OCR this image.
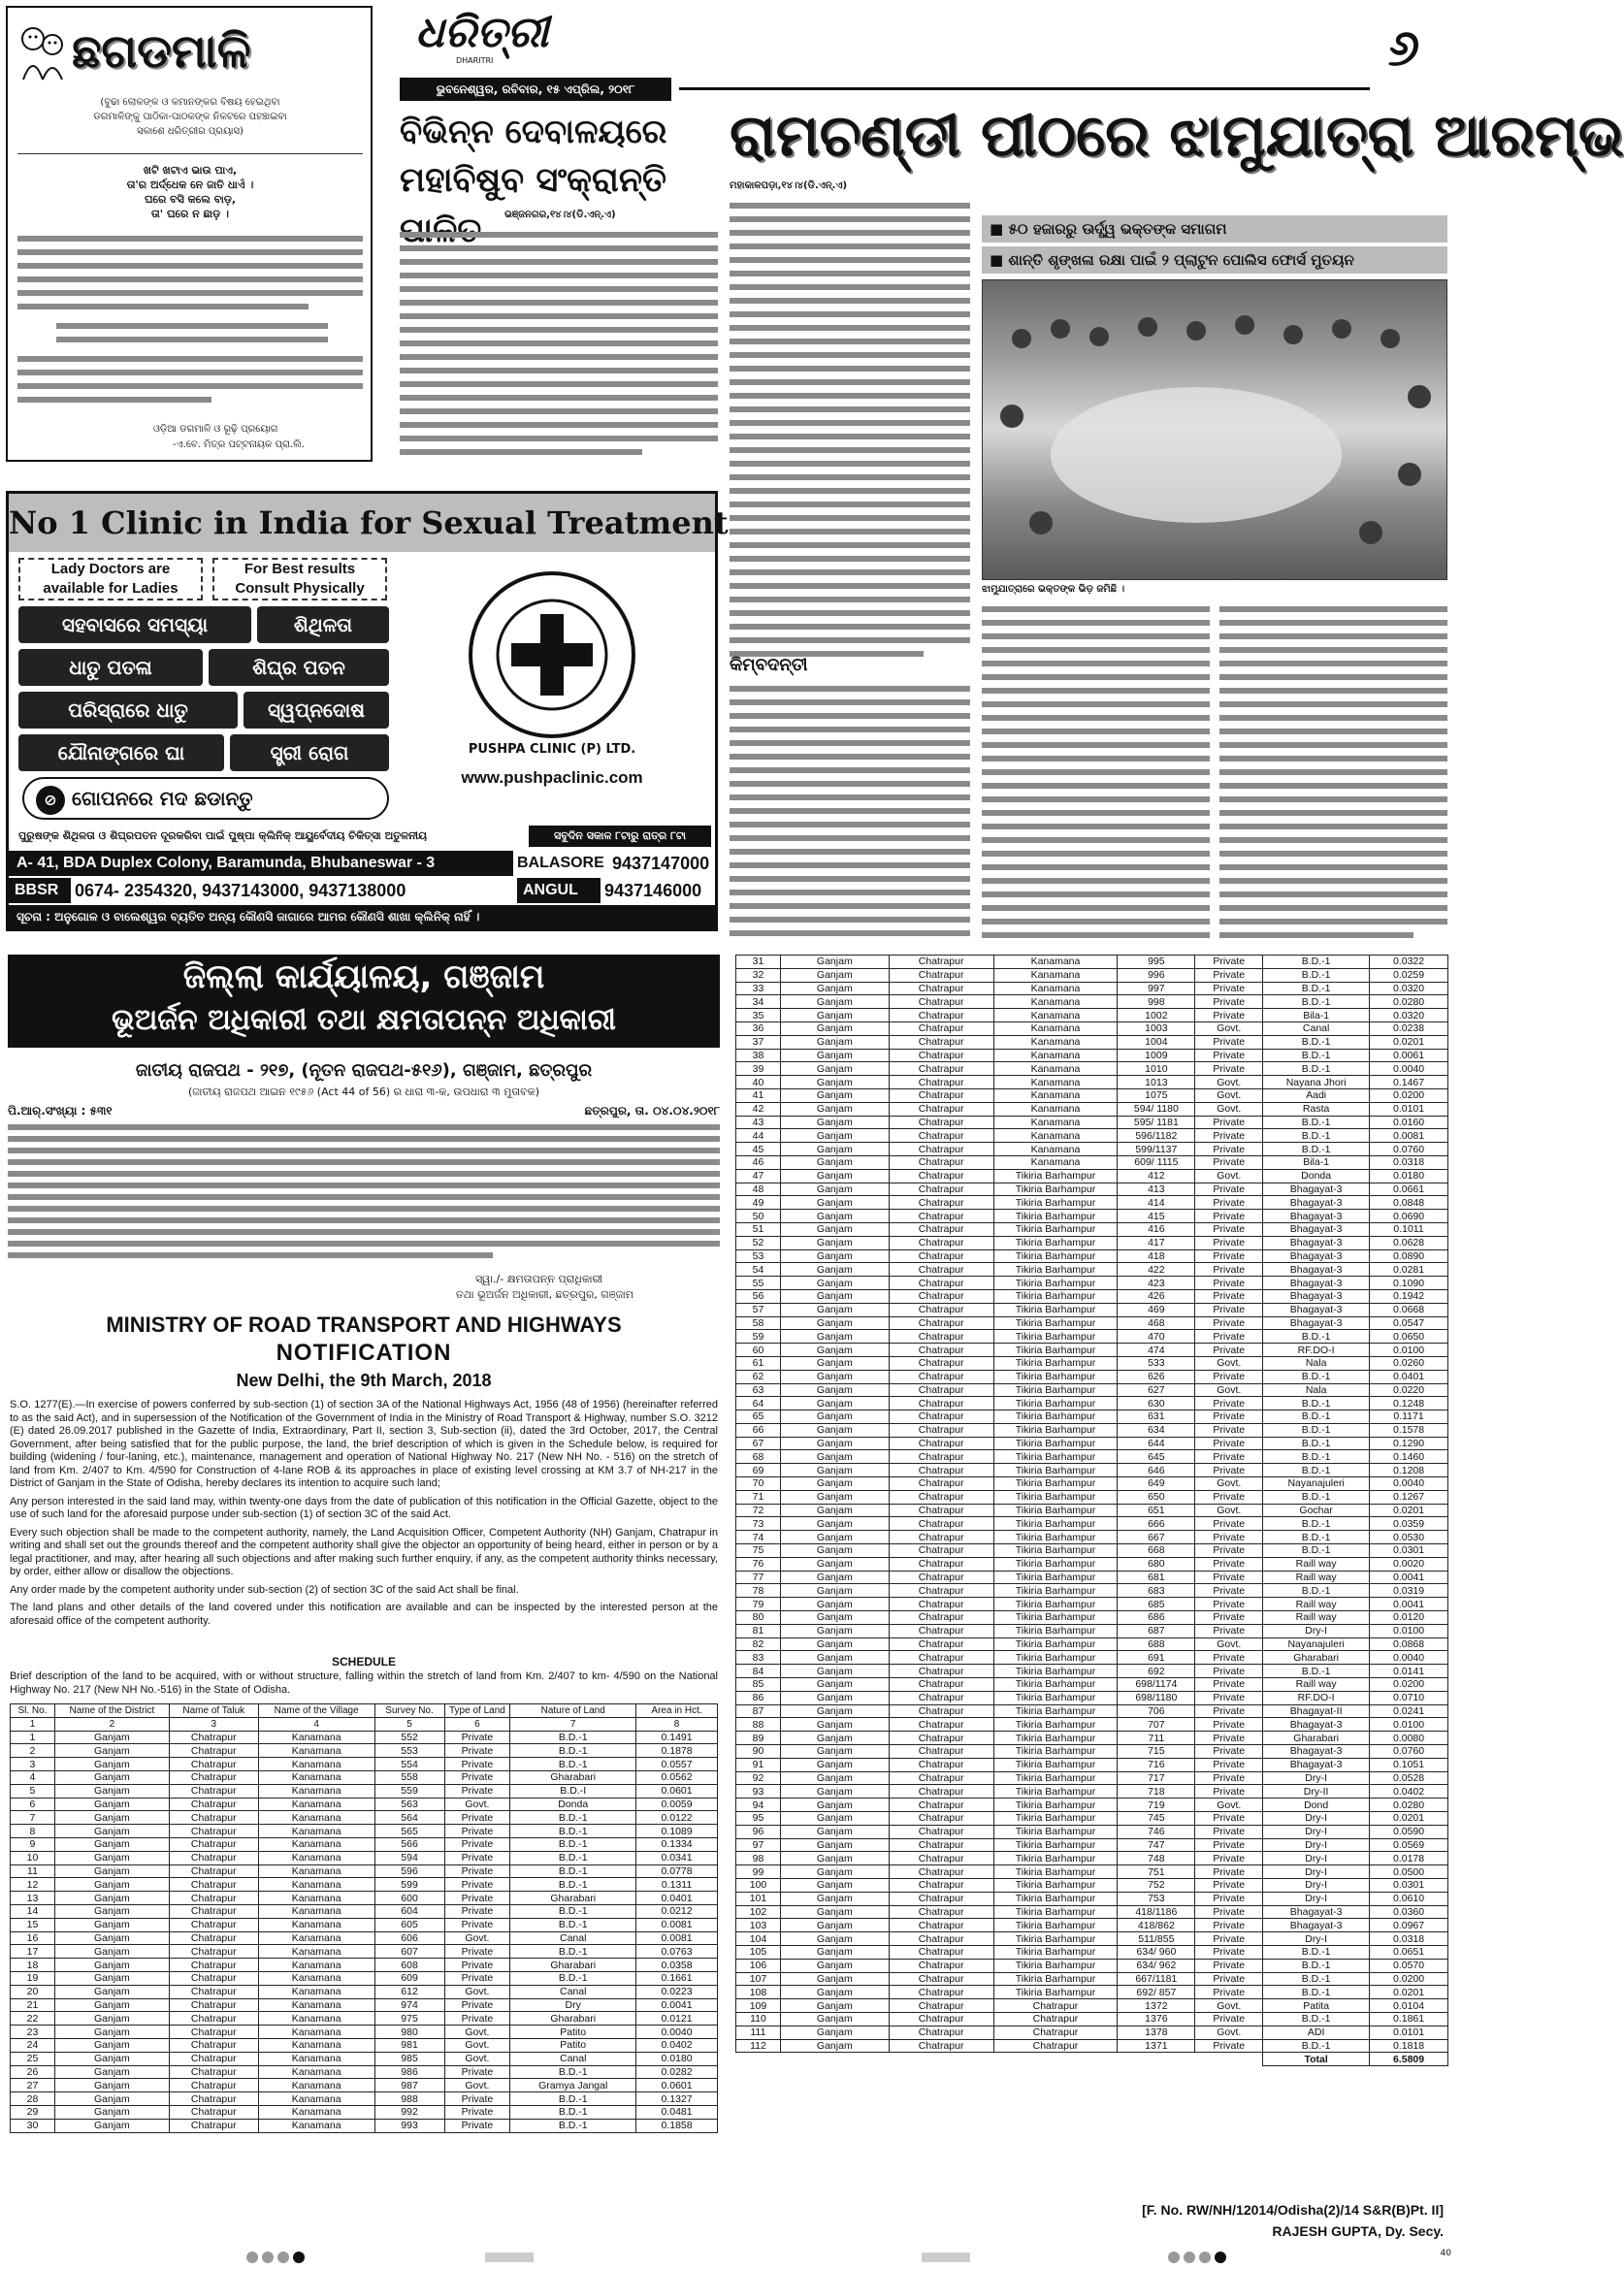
ଛଗଡମାଳି
(ବୁଢା ଲୋକଙ୍କ ଓ କମାନଙ୍କର ବିଷୟ ହେଇଥିବା
ଡଗମାଳିଙ୍କୁ ପାଠିକା-ପାଠକଙ୍କ ନିକଟରେ ପହଞ୍ଚାଇବା
ସକାଶେ ଧରିତ୍ରୀର ପ୍ରୟାସ)
ଖଟି ଖଟାଏ ଭାଉ ପାଏ,
ତା'ର ଅର୍ଦ୍ଧେକ ନେ ଜାତି ଧାଏଁ ।
ଘରେ ବସି କଲେ ବାଡ଼,
ତା' ଘରେ ନ ଛାଡ଼ ।
ଓଡ଼ିଆ ଡଗମାଳି ଓ ରୂଢ଼ି ପ୍ରୟୋଗ
-ଏ.ବେ. ମିତ୍ର ପଟ୍ଟନାୟକ ପ୍ରା.ଲି.
ଧରିତ୍ରୀ
DHARITRI
ଭୁବନେଶ୍ୱର, ରବିବାର, ୧୫ ଏପ୍ରିଲ, ୨୦୧୮
୬
ବିଭିନ୍ନ ଦେବାଳୟରେ
ମହାବିଷୁବ ସଂକ୍ରାନ୍ତି ପାଳିତ	ଭଞ୍ଜନଗର,୧୪।୪(ଡି.ଏନ୍.ଏ)
ରାମଚଣ୍ଡୀ ପୀଠରେ ଝାମୁଯାତ୍ରା ଆରମ୍ଭ
ମହାକାଳପଡ଼ା,୧୪।୪(ଡି.ଏନ୍.ଏ)
■ ୫୦ ହଜାରରୁ ଊର୍ଦ୍ଧ୍ୱ ଭକ୍ତଙ୍କ ସମାଗମ
■ ଶାନ୍ତି ଶୃଙ୍ଖଳା ରକ୍ଷା ପାଇଁ ୨ ପ୍ଲାଟୁନ ପୋଲିସ ଫୋର୍ସ ମୁତୟନ
ଝାମୁଯାତ୍ରାରେ ଭକ୍ତଙ୍କ ଭିଡ଼ ଜମିଛି ।
କିମ୍ବଦନ୍ତୀ
No 1 Clinic in India for Sexual Treatment
Lady Doctors are
available for Ladies
For Best results
Consult Physically
ସହବାସରେ ସମସ୍ୟା	ଶିଥିଳତା
ଧାତୁ ପତଳା	ଶିଘ୍ର ପତନ
ପରିସ୍ରାରେ ଧାତୁ	ସ୍ୱପ୍ନଦୋଷ
ଯୌନାଙ୍ଗରେ ଘା	ସ୍ତ୍ରୀ ରୋଗ
⊘ ଗୋପନରେ ମଦ ଛଡାନ୍ତୁ
PUSHPA CLINIC (P) LTD.
www.pushpaclinic.com
ପୁରୁଷଙ୍କ ଶିଥିଳତା ଓ ଶିଘ୍ରପତନ ଦୂରକରିବା ପାଇଁ ପୁଷ୍ପା କ୍ଲିନିକ୍ ଆୟୁର୍ବେଦୀୟ ଚିକିତ୍ସା ଅତୁଳନୀୟ	ସବୁଦିନ ସକାଳ ୮ଟାରୁ ରାତ୍ର ୮ଟା
A- 41, BDA Duplex Colony, Baramunda, Bhubaneswar - 3	BALASORE 9437147000
BBSR 0674- 2354320, 9437143000, 9437138000	ANGUL	9437146000
ସୂଚନା : ଅନୁଗୋଳ ଓ ବାଲେଶ୍ୱର ବ୍ୟତିତ ଅନ୍ୟ କୌଣସି ଜାଗାରେ ଆମର କୌଣସି ଶାଖା କ୍ଲିନିକ୍ ନାହିଁ ।
ଜିଲ୍ଲା କାର୍ଯ୍ୟାଳୟ, ଗଞ୍ଜାମ
ଭୂଅର୍ଜନ ଅଧିକାରୀ ତଥା କ୍ଷମତାପନ୍ନ ଅଧିକାରୀ
ଜାତୀୟ ରାଜପଥ - ୨୧୭, (ନୂତନ ରାଜପଥ-୫୧୬), ଗଞ୍ଜାମ, ଛତ୍ରପୁର
(ଜାତୀୟ ରାଜପଥ ଆଇନ ୧୯୫୬ (Act 44 of 56) ର ଧାରା ୩-କ, ଉପଧାରା ୩ ମୁତାବକ)
ପି.ଆର୍.ସଂଖ୍ୟା : ୫୩୧	ଛତ୍ରପୁର, ତା. ୦୪.୦୪.୨୦୧୮
ସ୍ୱା./- କ୍ଷମତାପନ୍ନ ପ୍ରାଧିକାରୀ
ତଥା ଭୂଅର୍ଜନ ଅଧିକାରୀ, ଛତ୍ରପୁର, ଗଞ୍ଜାମ
MINISTRY OF ROAD TRANSPORT AND HIGHWAYS
NOTIFICATION
New Delhi, the 9th March, 2018

S.O. 1277(E).—In exercise of powers conferred by sub-section (1) of section 3A of the National Highways Act, 1956 (48 of 1956) (hereinafter referred to as the said Act), and in supersession of the Notification of the Government of India in the Ministry of Road Transport & Highway, number S.O. 3212 (E) dated 26.09.2017 published in the Gazette of India, Extraordinary, Part II, section 3, Sub-section (ii), dated the 3rd October, 2017, the Central Government, after being satisfied that for the public purpose, the land, the brief description of which is given in the Schedule below, is required for building (widening / four-laning, etc.), maintenance, management and operation of National Highway No. 217 (New NH No. - 516) on the stretch of land from Km. 2/407 to Km. 4/590 for Construction of 4-lane ROB & its approaches in place of existing level crossing at KM 3.7 of NH-217 in the District of Ganjam in the State of Odisha, hereby declares its intention to acquire such land;

Any person interested in the said land may, within twenty-one days from the date of publication of this notification in the Official Gazette, object to the use of such land for the aforesaid purpose under sub-section (1) of section 3C of the said Act.

Every such objection shall be made to the competent authority, namely, the Land Acquisition Officer, Competent Authority (NH) Ganjam, Chatrapur in writing and shall set out the grounds thereof and the competent authority shall give the objector an opportunity of being heard, either in person or by a legal practitioner, and may, after hearing all such objections and after making such further enquiry, if any, as the competent authority thinks necessary, by order, either allow or disallow the objections.

Any order made by the competent authority under sub-section (2) of section 3C of the said Act shall be final.

The land plans and other details of the land covered under this notification are available and can be inspected by the interested person at the aforesaid office of the competent authority.

SCHEDULE
Brief description of the land to be acquired, with or without structure, falling within the stretch of land from Km. 2/407 to km- 4/590 on the National Highway No. 217 (New NH No.-516) in the State of Odisha.
Sl. No.	Name of the District	Name of Taluk	Name of the Village	Survey No.	Type of Land	Nature of Land	Area in Hct.
1	2	3	4	5	6	7	8
1	Ganjam	Chatrapur	Kanamana	552	Private	B.D.-1	0.1491
2	Ganjam	Chatrapur	Kanamana	553	Private	B.D.-1	0.1878
3	Ganjam	Chatrapur	Kanamana	554	Private	B.D.-1	0.0557
4	Ganjam	Chatrapur	Kanamana	558	Private	Gharabari	0.0562
5	Ganjam	Chatrapur	Kanamana	559	Private	B.D.-I	0.0601
6	Ganjam	Chatrapur	Kanamana	563	Govt.	Donda	0.0059
7	Ganjam	Chatrapur	Kanamana	564	Private	B.D.-1	0.0122
8	Ganjam	Chatrapur	Kanamana	565	Private	B.D.-1	0.1089
9	Ganjam	Chatrapur	Kanamana	566	Private	B.D.-1	0.1334
10	Ganjam	Chatrapur	Kanamana	594	Private	B.D.-1	0.0341
11	Ganjam	Chatrapur	Kanamana	596	Private	B.D.-1	0.0778
12	Ganjam	Chatrapur	Kanamana	599	Private	B.D.-1	0.1311
13	Ganjam	Chatrapur	Kanamana	600	Private	Gharabari	0.0401
14	Ganjam	Chatrapur	Kanamana	604	Private	B.D.-1	0.0212
15	Ganjam	Chatrapur	Kanamana	605	Private	B.D.-1	0.0081
16	Ganjam	Chatrapur	Kanamana	606	Govt.	Canal	0.0081
17	Ganjam	Chatrapur	Kanamana	607	Private	B.D.-1	0.0763
18	Ganjam	Chatrapur	Kanamana	608	Private	Gharabari	0.0358
19	Ganjam	Chatrapur	Kanamana	609	Private	B.D.-1	0.1661
20	Ganjam	Chatrapur	Kanamana	612	Govt.	Canal	0.0223
21	Ganjam	Chatrapur	Kanamana	974	Private	Dry	0.0041
22	Ganjam	Chatrapur	Kanamana	975	Private	Gharabari	0.0121
23	Ganjam	Chatrapur	Kanamana	980	Govt.	Patito	0.0040
24	Ganjam	Chatrapur	Kanamana	981	Govt.	Patito	0.0402
25	Ganjam	Chatrapur	Kanamana	985	Govt.	Canal	0.0180
26	Ganjam	Chatrapur	Kanamana	986	Private	B.D.-1	0.0282
27	Ganjam	Chatrapur	Kanamana	987	Govt.	Gramya Jangal	0.0601
28	Ganjam	Chatrapur	Kanamana	988	Private	B.D.-1	0.1327
29	Ganjam	Chatrapur	Kanamana	992	Private	B.D.-1	0.0481
30	Ganjam	Chatrapur	Kanamana	993	Private	B.D.-1	0.1858
31	Ganjam	Chatrapur	Kanamana	995	Private	B.D.-1	0.0322
32	Ganjam	Chatrapur	Kanamana	996	Private	B.D.-1	0.0259
33	Ganjam	Chatrapur	Kanamana	997	Private	B.D.-1	0.0320
34	Ganjam	Chatrapur	Kanamana	998	Private	B.D.-1	0.0280
35	Ganjam	Chatrapur	Kanamana	1002	Private	Bila-1	0.0320
36	Ganjam	Chatrapur	Kanamana	1003	Govt.	Canal	0.0238
37	Ganjam	Chatrapur	Kanamana	1004	Private	B.D.-1	0.0201
38	Ganjam	Chatrapur	Kanamana	1009	Private	B.D.-1	0.0061
39	Ganjam	Chatrapur	Kanamana	1010	Private	B.D.-1	0.0040
40	Ganjam	Chatrapur	Kanamana	1013	Govt.	Nayana Jhori	0.1467
41	Ganjam	Chatrapur	Kanamana	1075	Govt.	Aadi	0.0200
42	Ganjam	Chatrapur	Kanamana	594/ 1180	Govt.	Rasta	0.0101
43	Ganjam	Chatrapur	Kanamana	595/ 1181	Private	B.D.-1	0.0160
44	Ganjam	Chatrapur	Kanamana	596/1182	Private	B.D.-1	0.0081
45	Ganjam	Chatrapur	Kanamana	599/1137	Private	B.D.-1	0.0760
46	Ganjam	Chatrapur	Kanamana	609/ 1115	Private	Bila-1	0.0318
47	Ganjam	Chatrapur	Tikiria Barhampur	412	Govt.	Donda	0.0180
48	Ganjam	Chatrapur	Tikiria Barhampur	413	Private	Bhagayat-3	0.0661
49	Ganjam	Chatrapur	Tikiria Barhampur	414	Private	Bhagayat-3	0.0848
50	Ganjam	Chatrapur	Tikiria Barhampur	415	Private	Bhagayat-3	0.0690
51	Ganjam	Chatrapur	Tikiria Barhampur	416	Private	Bhagayat-3	0.1011
52	Ganjam	Chatrapur	Tikiria Barhampur	417	Private	Bhagayat-3	0.0628
53	Ganjam	Chatrapur	Tikiria Barhampur	418	Private	Bhagayat-3	0.0890
54	Ganjam	Chatrapur	Tikiria Barhampur	422	Private	Bhagayat-3	0.0281
55	Ganjam	Chatrapur	Tikiria Barhampur	423	Private	Bhagayat-3	0.1090
56	Ganjam	Chatrapur	Tikiria Barhampur	426	Private	Bhagayat-3	0.1942
57	Ganjam	Chatrapur	Tikiria Barhampur	469	Private	Bhagayat-3	0.0668
58	Ganjam	Chatrapur	Tikiria Barhampur	468	Private	Bhagayat-3	0.0547
59	Ganjam	Chatrapur	Tikiria Barhampur	470	Private	B.D.-1	0.0650
60	Ganjam	Chatrapur	Tikiria Barhampur	474	Private	RF.DO-I	0.0100
61	Ganjam	Chatrapur	Tikiria Barhampur	533	Govt.	Nala	0.0260
62	Ganjam	Chatrapur	Tikiria Barhampur	626	Private	B.D.-1	0.0401
63	Ganjam	Chatrapur	Tikiria Barhampur	627	Govt.	Nala	0.0220
64	Ganjam	Chatrapur	Tikiria Barhampur	630	Private	B.D.-1	0.1248
65	Ganjam	Chatrapur	Tikiria Barhampur	631	Private	B.D.-1	0.1171
66	Ganjam	Chatrapur	Tikiria Barhampur	634	Private	B.D.-1	0.1578
67	Ganjam	Chatrapur	Tikiria Barhampur	644	Private	B.D.-1	0.1290
68	Ganjam	Chatrapur	Tikiria Barhampur	645	Private	B.D.-1	0.1460
69	Ganjam	Chatrapur	Tikiria Barhampur	646	Private	B.D.-1	0.1208
70	Ganjam	Chatrapur	Tikiria Barhampur	649	Govt.	Nayanajuleri	0.0040
71	Ganjam	Chatrapur	Tikiria Barhampur	650	Private	B.D.-1	0.1267
72	Ganjam	Chatrapur	Tikiria Barhampur	651	Govt.	Gochar	0.0201
73	Ganjam	Chatrapur	Tikiria Barhampur	666	Private	B.D.-1	0.0359
74	Ganjam	Chatrapur	Tikiria Barhampur	667	Private	B.D.-1	0.0530
75	Ganjam	Chatrapur	Tikiria Barhampur	668	Private	B.D.-1	0.0301
76	Ganjam	Chatrapur	Tikiria Barhampur	680	Private	Raill way	0.0020
77	Ganjam	Chatrapur	Tikiria Barhampur	681	Private	Raill way	0.0041
78	Ganjam	Chatrapur	Tikiria Barhampur	683	Private	B.D.-1	0.0319
79	Ganjam	Chatrapur	Tikiria Barhampur	685	Private	Raill way	0.0041
80	Ganjam	Chatrapur	Tikiria Barhampur	686	Private	Raill way	0.0120
81	Ganjam	Chatrapur	Tikiria Barhampur	687	Private	Dry-I	0.0100
82	Ganjam	Chatrapur	Tikiria Barhampur	688	Govt.	Nayanajuleri	0.0868
83	Ganjam	Chatrapur	Tikiria Barhampur	691	Private	Gharabari	0.0040
84	Ganjam	Chatrapur	Tikiria Barhampur	692	Private	B.D.-1	0.0141
85	Ganjam	Chatrapur	Tikiria Barhampur	698/1174	Private	Raill way	0.0200
86	Ganjam	Chatrapur	Tikiria Barhampur	698/1180	Private	RF.DO-I	0.0710
87	Ganjam	Chatrapur	Tikiria Barhampur	706	Private	Bhagayat-II	0.0241
88	Ganjam	Chatrapur	Tikiria Barhampur	707	Private	Bhagayat-3	0.0100
89	Ganjam	Chatrapur	Tikiria Barhampur	711	Private	Gharabari	0.0080
90	Ganjam	Chatrapur	Tikiria Barhampur	715	Private	Bhagayat-3	0.0760
91	Ganjam	Chatrapur	Tikiria Barhampur	716	Private	Bhagayat-3	0.1051
92	Ganjam	Chatrapur	Tikiria Barhampur	717	Private	Dry-I	0.0528
93	Ganjam	Chatrapur	Tikiria Barhampur	718	Private	Dry-II	0.0402
94	Ganjam	Chatrapur	Tikiria Barhampur	719	Govt.	Dond	0.0280
95	Ganjam	Chatrapur	Tikiria Barhampur	745	Private	Dry-I	0.0201
96	Ganjam	Chatrapur	Tikiria Barhampur	746	Private	Dry-I	0.0590
97	Ganjam	Chatrapur	Tikiria Barhampur	747	Private	Dry-I	0.0569
98	Ganjam	Chatrapur	Tikiria Barhampur	748	Private	Dry-I	0.0178
99	Ganjam	Chatrapur	Tikiria Barhampur	751	Private	Dry-I	0.0500
100	Ganjam	Chatrapur	Tikiria Barhampur	752	Private	Dry-I	0.0301
101	Ganjam	Chatrapur	Tikiria Barhampur	753	Private	Dry-I	0.0610
102	Ganjam	Chatrapur	Tikiria Barhampur	418/1186	Private	Bhagayat-3	0.0360
103	Ganjam	Chatrapur	Tikiria Barhampur	418/862	Private	Bhagayat-3	0.0967
104	Ganjam	Chatrapur	Tikiria Barhampur	511/855	Private	Dry-I	0.0318
105	Ganjam	Chatrapur	Tikiria Barhampur	634/ 960	Private	B.D.-1	0.0651
106	Ganjam	Chatrapur	Tikiria Barhampur	634/ 962	Private	B.D.-1	0.0570
107	Ganjam	Chatrapur	Tikiria Barhampur	667/1181	Private	B.D.-1	0.0200
108	Ganjam	Chatrapur	Tikiria Barhampur	692/ 857	Private	B.D.-1	0.0201
109	Ganjam	Chatrapur	Chatrapur	1372	Govt.	Patita	0.0104
110	Ganjam	Chatrapur	Chatrapur	1376	Private	B.D.-1	0.1861
111	Ganjam	Chatrapur	Chatrapur	1378	Govt.	ADI	0.0101
112	Ganjam	Chatrapur	Chatrapur	1371	Private	B.D.-1	0.1818
						Total	6.5809
[F. No. RW/NH/12014/Odisha(2)/14 S&R(B)Pt. II]
RAJESH GUPTA, Dy. Secy.
40
